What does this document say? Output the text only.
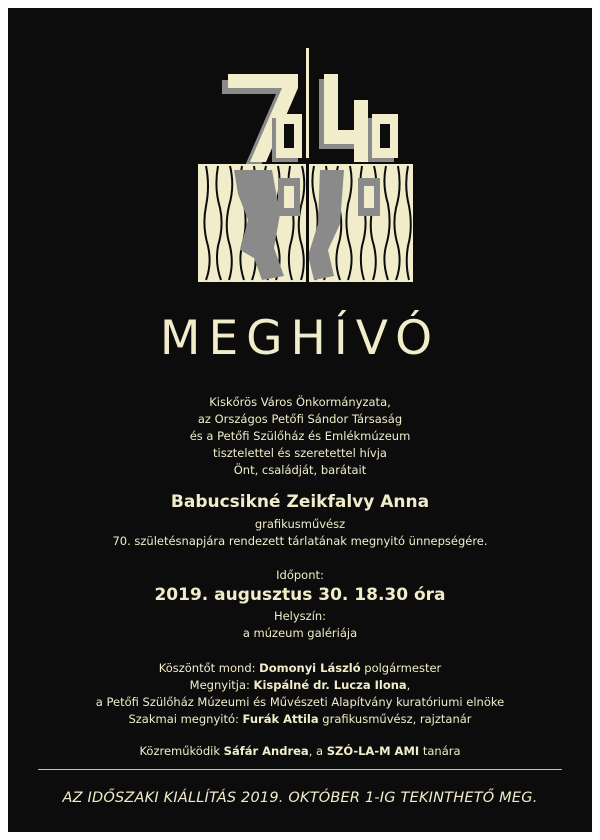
MEGHÍVÓ
Kiskőrös Város Önkormányzata,
az Országos Petőfi Sándor Társaság
és a Petőfi Szülőház és Emlékmúzeum
tisztelettel és szeretettel hívja
Önt, családját, barátait
Babucsikné Zeikfalvy Anna
grafikusművész
70. születésnapjára rendezett tárlatának megnyitó ünnepségére.
Időpont:
2019. augusztus 30. 18.30 óra
Helyszín:
a múzeum galériája
Köszöntőt mond: Domonyi László polgármester
Megnyitja: Kispálné dr. Lucza Ilona,
a Petőfi Szülőház Múzeumi és Művészeti Alapítvány kuratóriumi elnöke
Szakmai megnyitó: Furák Attila grafikusművész, rajztanár
Közreműködik Sáfár Andrea, a SZÓ-LA-M AMI tanára
AZ IDŐSZAKI KIÁLLÍTÁS 2019. OKTÓBER 1-IG TEKINTHETŐ MEG.
